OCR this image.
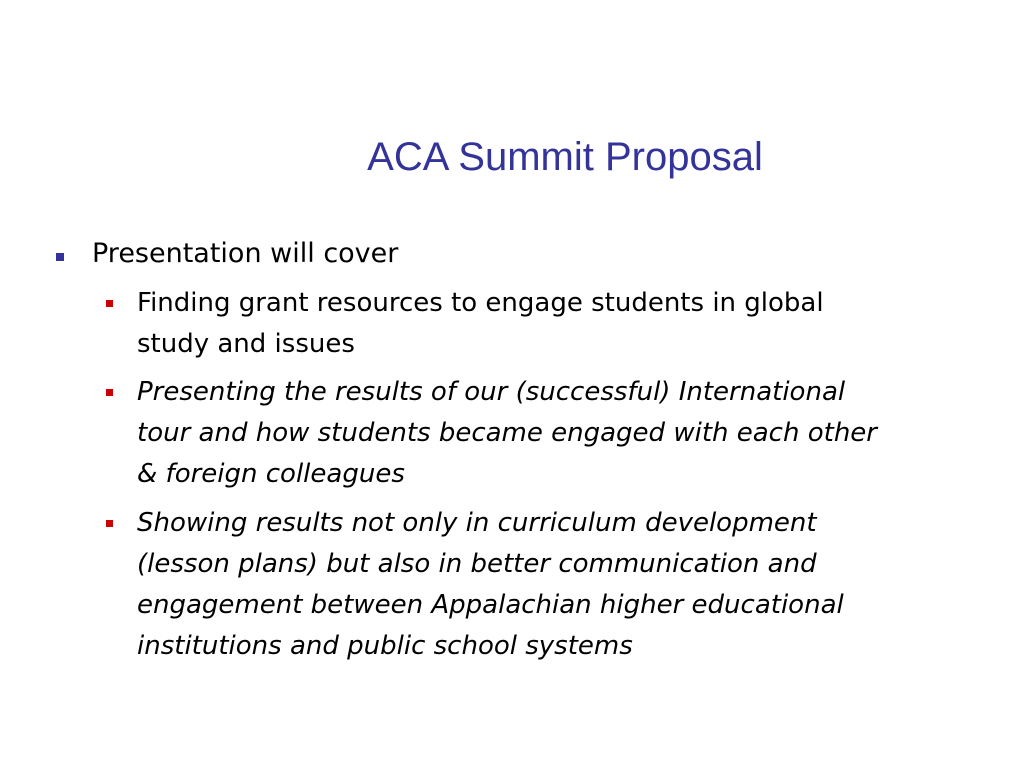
ACA Summit Proposal
Presentation will cover
Finding grant resources to engage students in global
study and issues
Presenting the results of our (successful) International
tour and how students became engaged with each other
& foreign colleagues
Showing results not only in curriculum development
(lesson plans) but also in better communication and
engagement between Appalachian higher educational
institutions and public school systems
